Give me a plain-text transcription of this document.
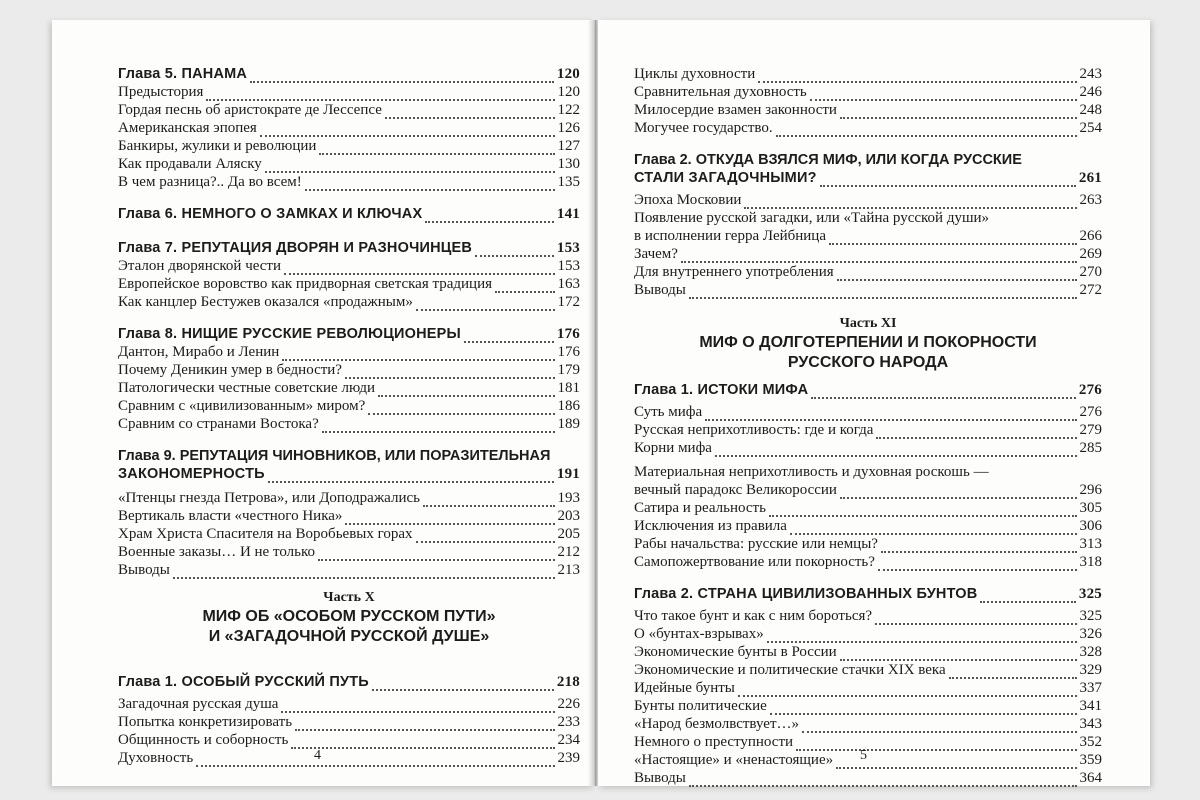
Глава 5. ПАНАМА	120
Предыстория	120
Гордая песнь об аристократе де Лессепсе	122
Американская эпопея	126
Банкиры, жулики и революции	127
Как продавали Аляску	130
В чем разница?.. Да во всем!	135
Глава 6. НЕМНОГО О ЗАМКАХ И КЛЮЧАХ	141
Глава 7. РЕПУТАЦИЯ ДВОРЯН И РАЗНОЧИНЦЕВ	153
Эталон дворянской чести	153
Европейское воровство как придворная светская традиция	163
Как канцлер Бестужев оказался «продажным»	172
Глава 8. НИЩИЕ РУССКИЕ РЕВОЛЮЦИОНЕРЫ	176
Дантон, Мирабо и Ленин	176
Почему Деникин умер в бедности?	179
Патологически честные советские люди	181
Сравним с «цивилизованным» миром?	186
Сравним со странами Востока?	189
Глава 9. РЕПУТАЦИЯ ЧИНОВНИКОВ, ИЛИ ПОРАЗИТЕЛЬНАЯ
ЗАКОНОМЕРНОСТЬ	191
«Птенцы гнезда Петрова», или Доподражались	193
Вертикаль власти «честного Ника»	203
Храм Христа Спасителя на Воробьевых горах	205
Военные заказы… И не только	212
Выводы	213
Часть X
МИФ ОБ «ОСОБОМ РУССКОМ ПУТИ»
И «ЗАГАДОЧНОЙ РУССКОЙ ДУШЕ»
Глава 1. ОСОБЫЙ РУССКИЙ ПУТЬ	218
Загадочная русская душа	226
Попытка конкретизировать	233
Общинность и соборность	234
Духовность	239
4
Циклы духовности	243
Сравнительная духовность	246
Милосердие взамен законности	248
Могучее государство.	254
Глава 2. ОТКУДА ВЗЯЛСЯ МИФ, ИЛИ КОГДА РУССКИЕ
СТАЛИ ЗАГАДОЧНЫМИ?	261
Эпоха Московии	263
Появление русской загадки, или «Тайна русской души»
в исполнении герра Лейбница	266
Зачем?	269
Для внутреннего употребления	270
Выводы	272
Часть XI
МИФ О ДОЛГОТЕРПЕНИИ И ПОКОРНОСТИ
РУССКОГО НАРОДА
Глава 1. ИСТОКИ МИФА	276
Суть мифа	276
Русская неприхотливость: где и когда	279
Корни мифа	285
Материальная неприхотливость и духовная роскошь —
вечный парадокс Великороссии	296
Сатира и реальность	305
Исключения из правила	306
Рабы начальства: русские или немцы?	313
Самопожертвование или покорность?	318
Глава 2. СТРАНА ЦИВИЛИЗОВАННЫХ БУНТОВ	325
Что такое бунт и как с ним бороться?	325
О «бунтах-взрывах»	326
Экономические бунты в России	328
Экономические и политические стачки XIX века	329
Идейные бунты	337
Бунты политические	341
«Народ безмолвствует…»	343
Немного о преступности	352
«Настоящие» и «ненастоящие»	359
Выводы	364
5
